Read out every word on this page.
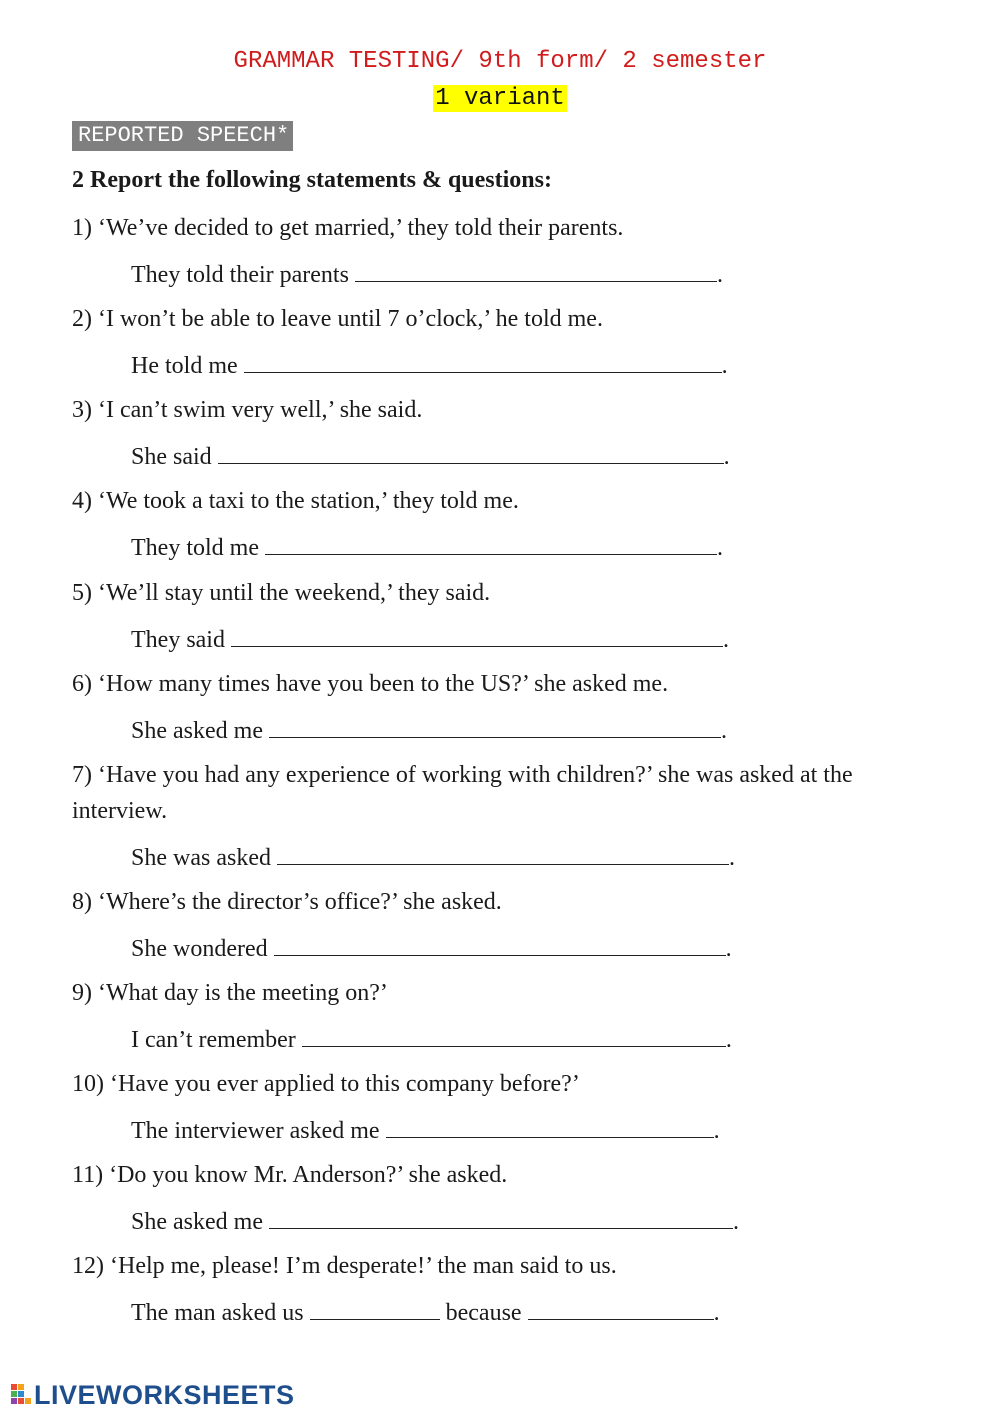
GRAMMAR TESTING/ 9th form/ 2 semester
1 variant
REPORTED SPEECH*
2 Report the following statements & questions:
1) ‘We’ve decided to get married,’ they told their parents.
They told their parents	.
2) ‘I won’t be able to leave until 7 o’clock,’ he told me.
He told me	.
3) ‘I can’t swim very well,’ she said.
She said	.
4) ‘We took a taxi to the station,’ they told me.
They told me	.
5) ‘We’ll stay until the weekend,’ they said.
They said	.
6) ‘How many times have you been to the US?’ she asked me.
She asked me	.
7) ‘Have you had any experience of working with children?’ she was asked at the interview.
She was asked	.
8) ‘Where’s the director’s office?’ she asked.
She wondered	.
9) ‘What day is the meeting on?’
I can’t remember	.
10) ‘Have you ever applied to this company before?’
The interviewer asked me	.
11) ‘Do you know Mr. Anderson?’ she asked.
She asked me	.
12) ‘Help me, please! I’m desperate!’ the man said to us.
The man asked us	because	.
LIVEWORKSHEETS
